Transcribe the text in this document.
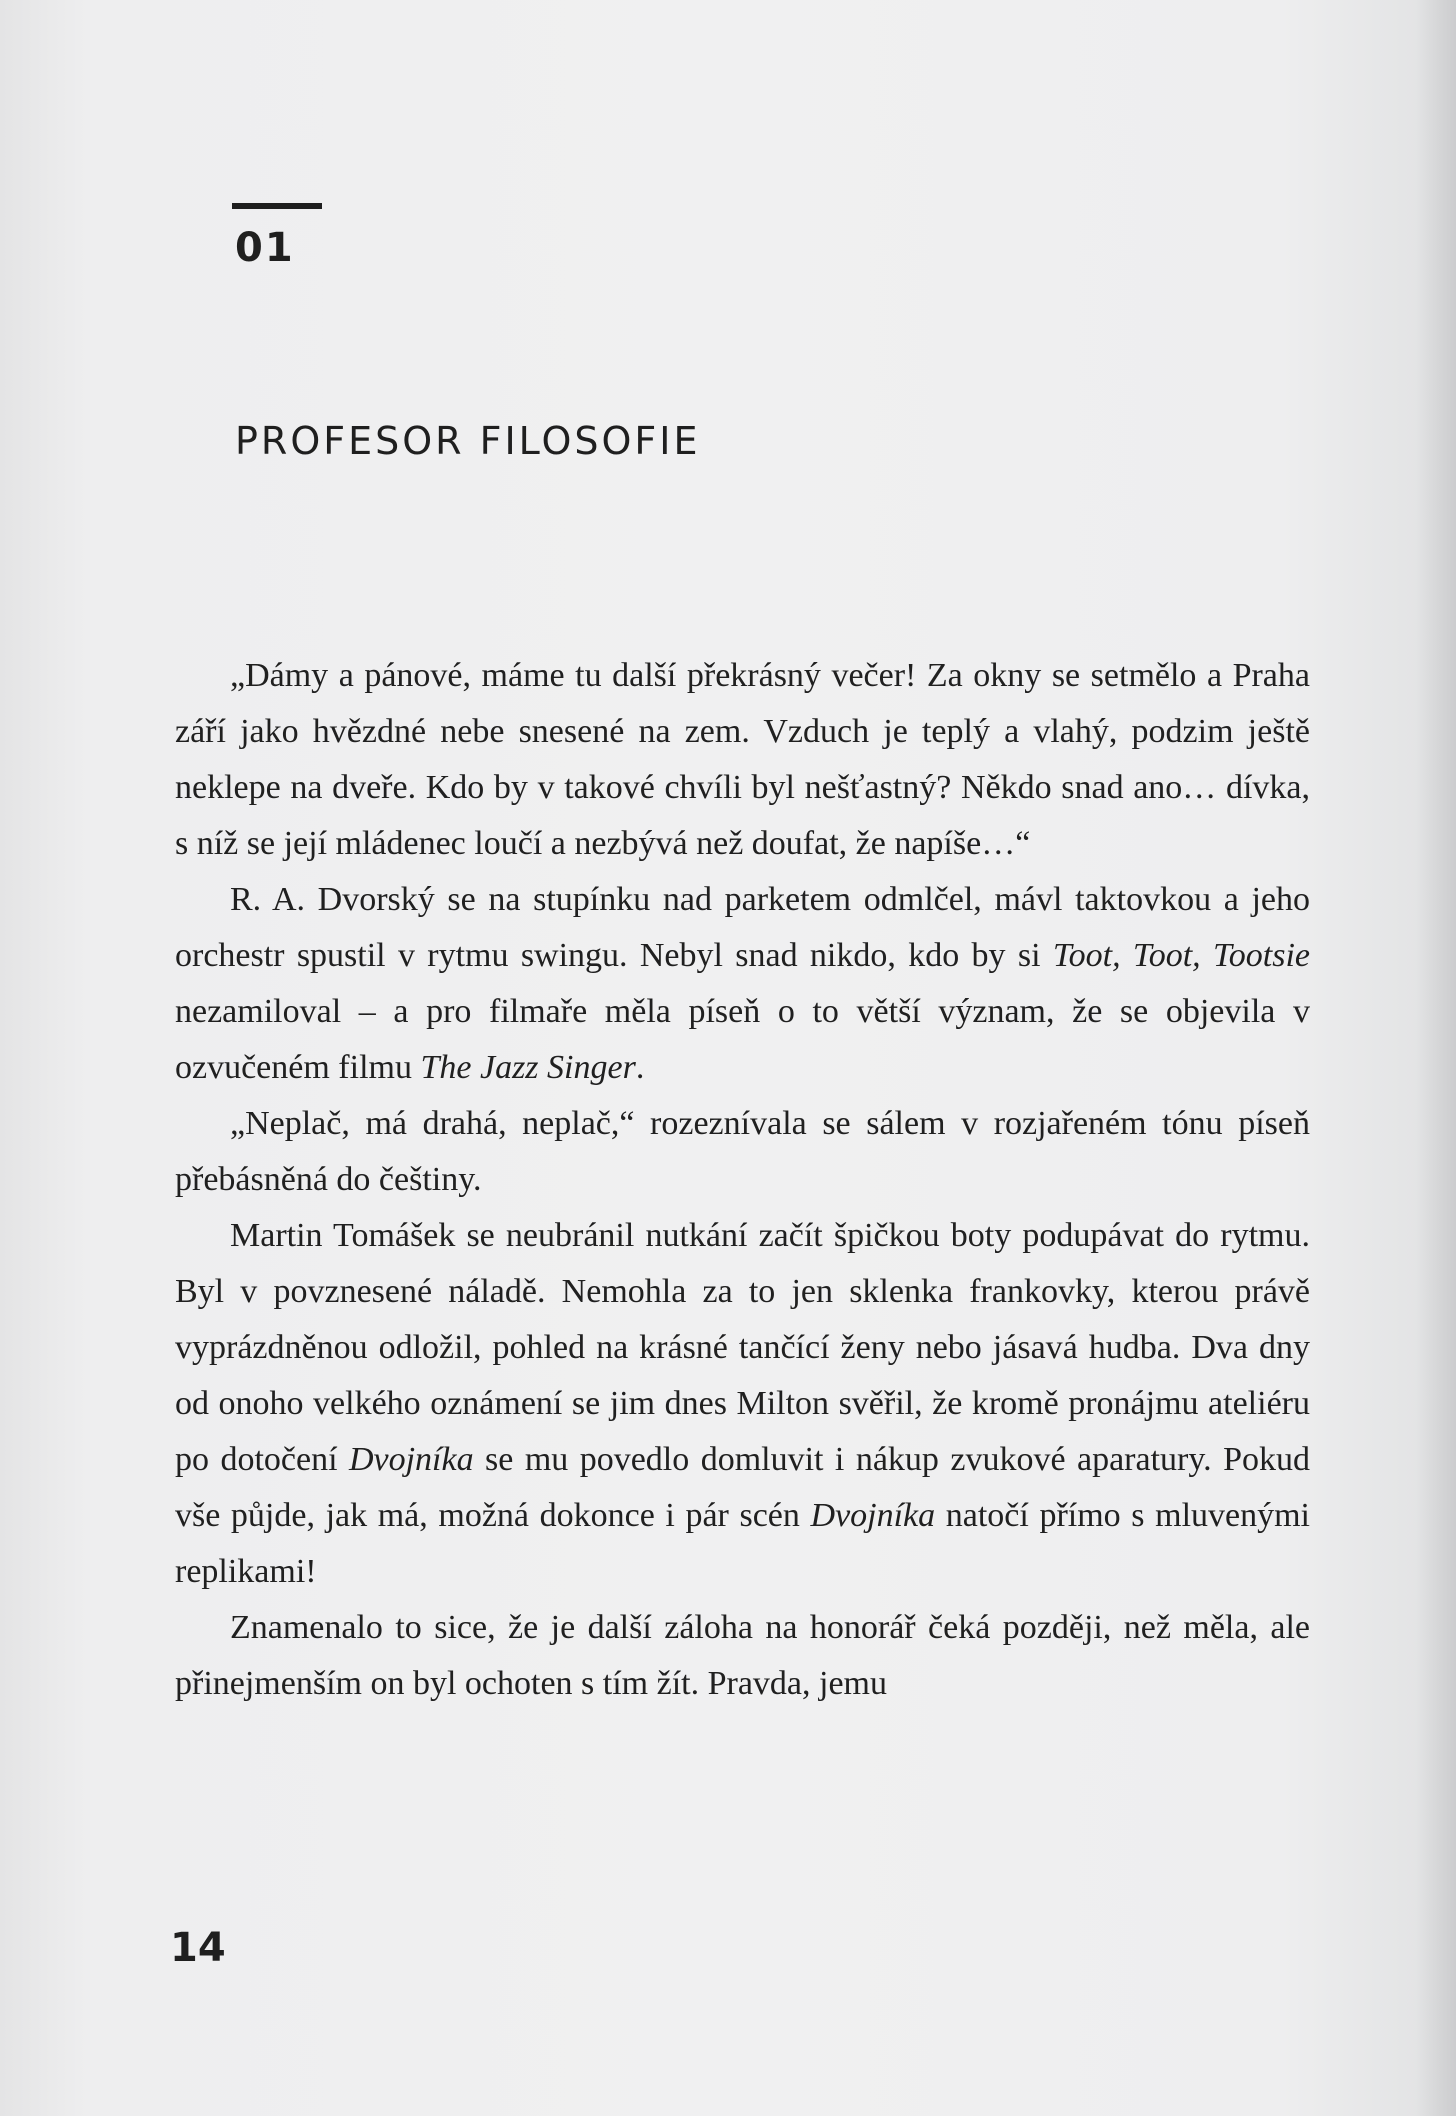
01
PROFESOR FILOSOFIE

„Dámy a pánové, máme tu další překrásný večer! Za okny se setmělo a Praha září jako hvězdné nebe snesené na zem. Vzduch je teplý a vlahý, podzim ještě neklepe na dveře. Kdo by v takové chvíli byl nešťastný? Někdo snad ano… dívka, s níž se její mládenec loučí a nezbývá než doufat, že napíše…“

R. A. Dvorský se na stupínku nad parketem odmlčel, mávl taktovkou a jeho orchestr spustil v rytmu swingu. Nebyl snad nikdo, kdo by si Toot, Toot, Tootsie nezamiloval – a pro filmaře měla píseň o to větší význam, že se objevila v ozvučeném filmu The Jazz Singer.

„Neplač, má drahá, neplač,“ rozeznívala se sálem v rozjařeném tónu píseň přebásněná do češtiny.

Martin Tomášek se neubránil nutkání začít špičkou boty podupávat do rytmu. Byl v povznesené náladě. Nemohla za to jen sklenka frankovky, kterou právě vyprázdněnou odložil, pohled na krásné tančící ženy nebo jásavá hudba. Dva dny od onoho velkého oznámení se jim dnes Milton svěřil, že kromě pronájmu ateliéru po dotočení Dvojníka se mu povedlo domluvit i nákup zvukové aparatury. Pokud vše půjde, jak má, možná dokonce i pár scén Dvojníka natočí přímo s mluvenými replikami!

Znamenalo to sice, že je další záloha na honorář čeká později, než měla, ale přinejmenším on byl ochoten s tím žít. Pravda, jemu

14
